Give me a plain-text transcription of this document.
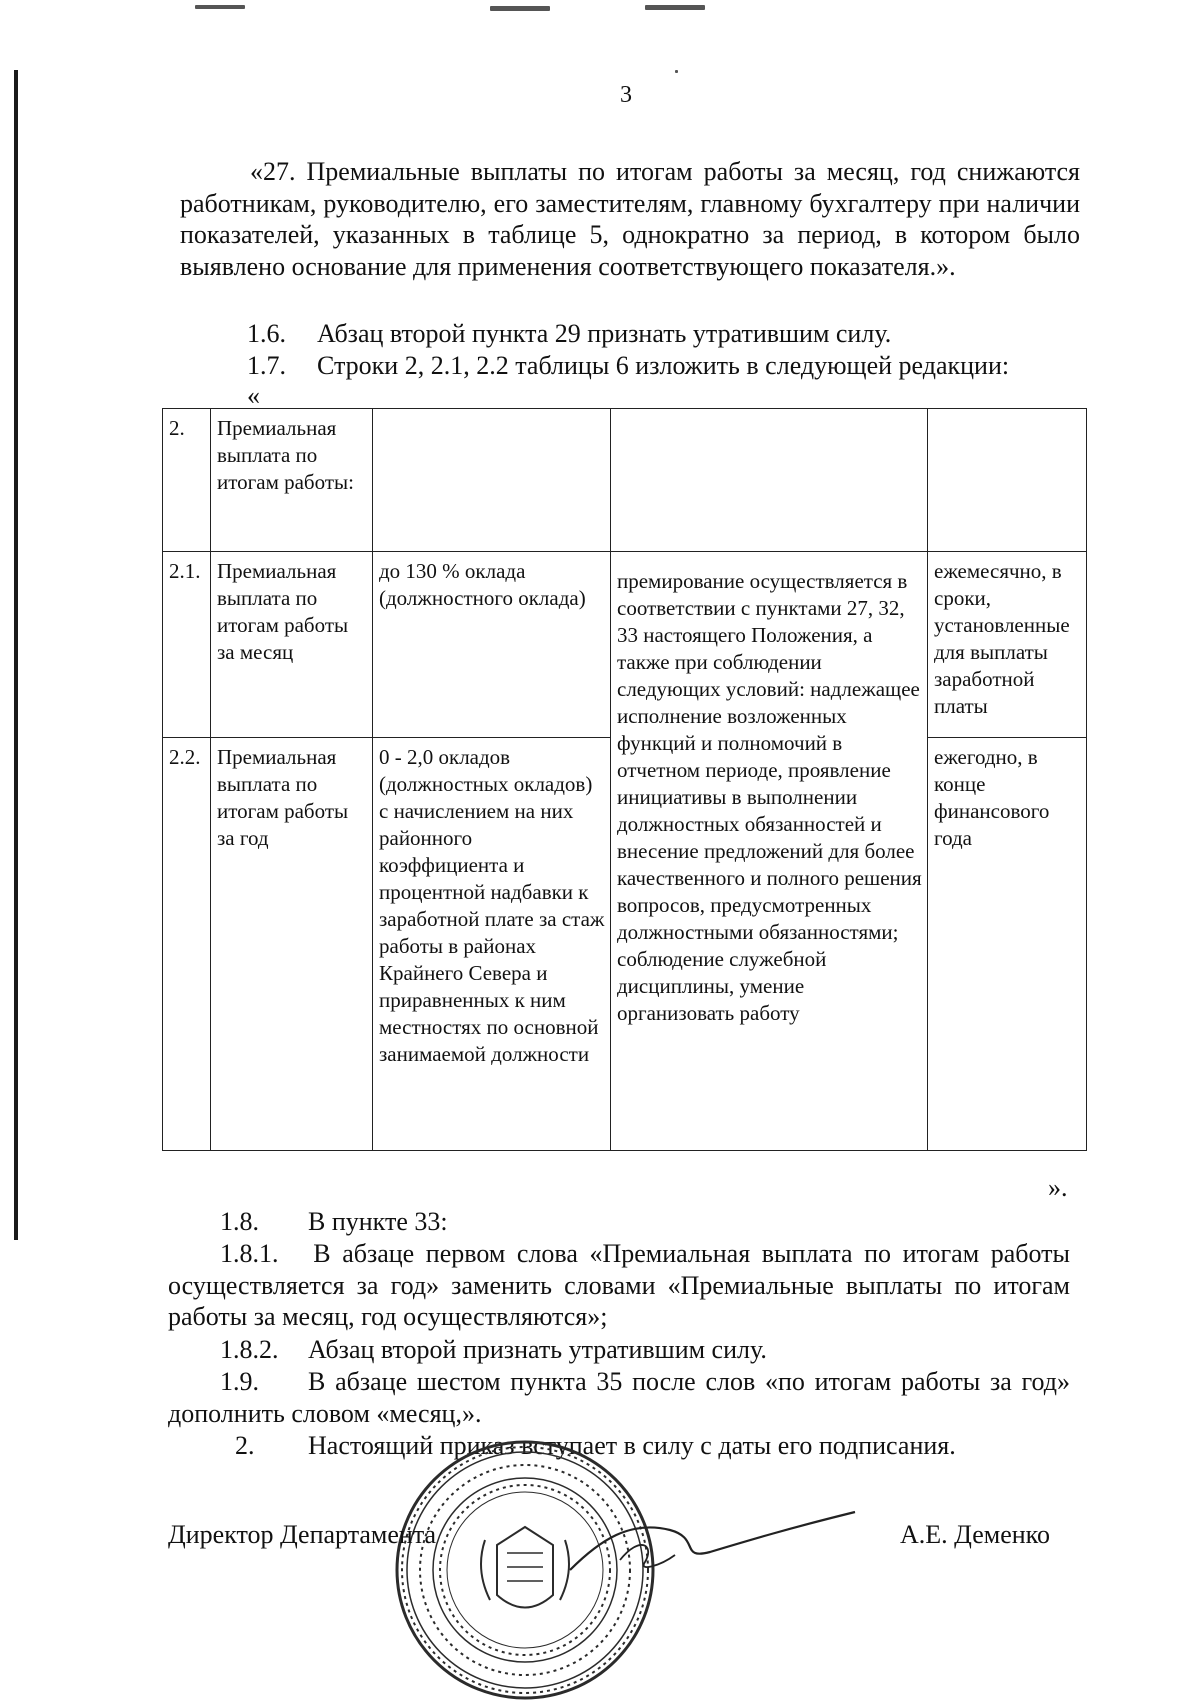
3
«27. Премиальные выплаты по итогам работы за месяц, год снижаются работникам, руководителю, его заместителям, главному бухгалтеру при наличии показателей, указанных в таблице 5, однократно за период, в котором было выявлено основание для применения соответствующего показателя.».
1.6. Абзац второй пункта 29 признать утратившим силу.
1.7. Строки 2, 2.1, 2.2 таблицы 6 изложить в следующей редакции:
«
2.	Премиальная выплата по итогам работы:			
2.1.	Премиальная выплата по итогам работы за месяц	до 130 % оклада (должностного оклада)	премирование осуществляется в соответствии с пунктами 27, 32, 33 настоящего Положения, а также при соблюдении следующих условий: надлежащее исполнение возложенных функций и полномочий в отчетном периоде, проявление инициативы в выполнении должностных обязанностей и внесение предложений для более качественного и полного решения вопросов, предусмотренных должностными обязанностями; соблюдение служебной дисциплины, умение организовать работу	ежемесячно, в сроки, установленные для выплаты заработной платы
2.2.	Премиальная выплата по итогам работы за год	0 - 2,0 окладов (должностных окладов) с начислением на них районного коэффициента и процентной надбавки к заработной плате за стаж работы в районах Крайнего Севера и приравненных к ним местностях по основной занимаемой должности		ежегодно, в конце финансового года
».
1.8. В пункте 33:
1.8.1. В абзаце первом слова «Премиальная выплата по итогам работы осуществляется за год» заменить словами «Премиальные выплаты по итогам работы за месяц, год осуществляются»;
1.8.2. Абзац второй признать утратившим силу.
1.9. В абзаце шестом пункта 35 после слов «по итогам работы за год» дополнить словом «месяц,».
2. Настоящий приказ вступает в силу с даты его подписания.
Директор Департамента	А.Е. Деменко
